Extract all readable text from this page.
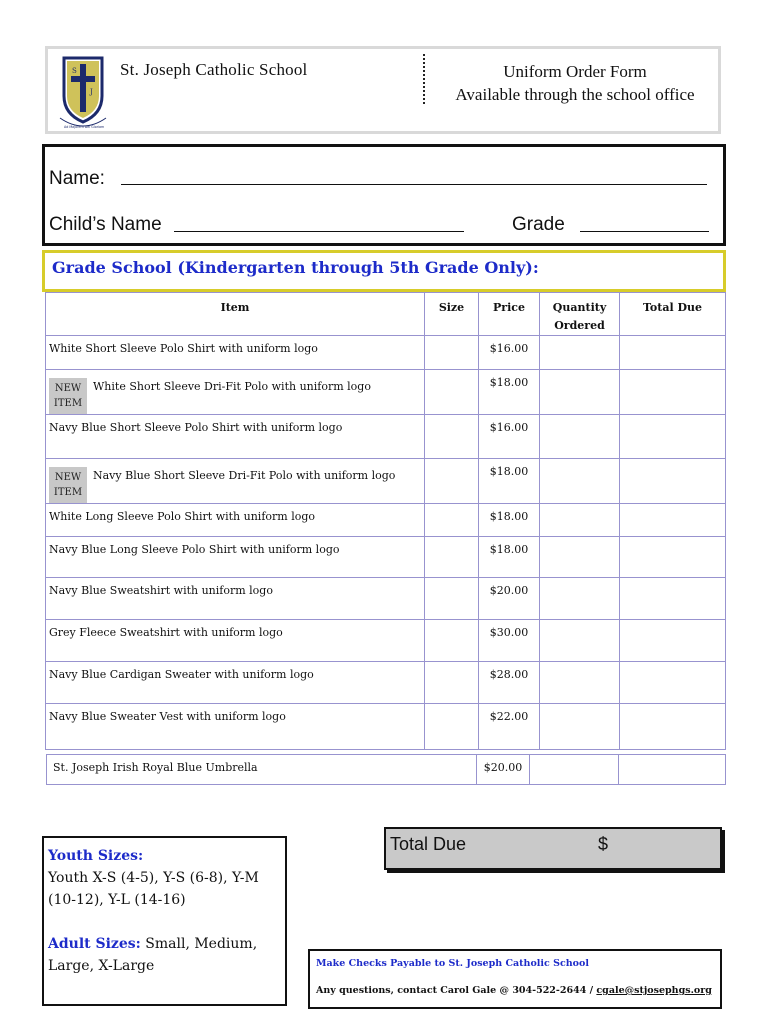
S
J
Ad Majorem Dei Gloriam
St. Joseph Catholic School	Uniform Order Form
Available through the school office
Name:
Child’s Name	Grade
Grade School (Kindergarten through 5th Grade Only):
Item	Size	Price	Quantity
Ordered	Total Due
White Short Sleeve Polo Shirt with uniform logo		$16.00		

NEW
ITEM
White Short Sleeve Dri-Fit Polo with uniform logo		$18.00		
Navy Blue Short Sleeve Polo Shirt with uniform logo		$16.00		

NEW
ITEM
Navy Blue Short Sleeve Dri-Fit Polo with uniform logo		$18.00		
White Long Sleeve Polo Shirt with uniform logo		$18.00		
Navy Blue Long Sleeve Polo Shirt with uniform logo		$18.00		
Navy Blue Sweatshirt with uniform logo		$20.00		
Grey Fleece Sweatshirt with uniform logo		$30.00		
Navy Blue Cardigan Sweater with uniform logo		$28.00		
Navy Blue Sweater Vest with uniform logo		$22.00		
St. Joseph Irish Royal Blue Umbrella	$20.00		
Total Due	$
Youth Sizes:
Youth X-S (4-5), Y-S (6-8), Y-M (10-12), Y-L (14-16)
Adult Sizes: Small, Medium, Large, X-Large	Make Checks Payable to St. Joseph Catholic School
Any questions, contact Carol Gale @ 304-522-2644 / cgale@stjosephgs.org
